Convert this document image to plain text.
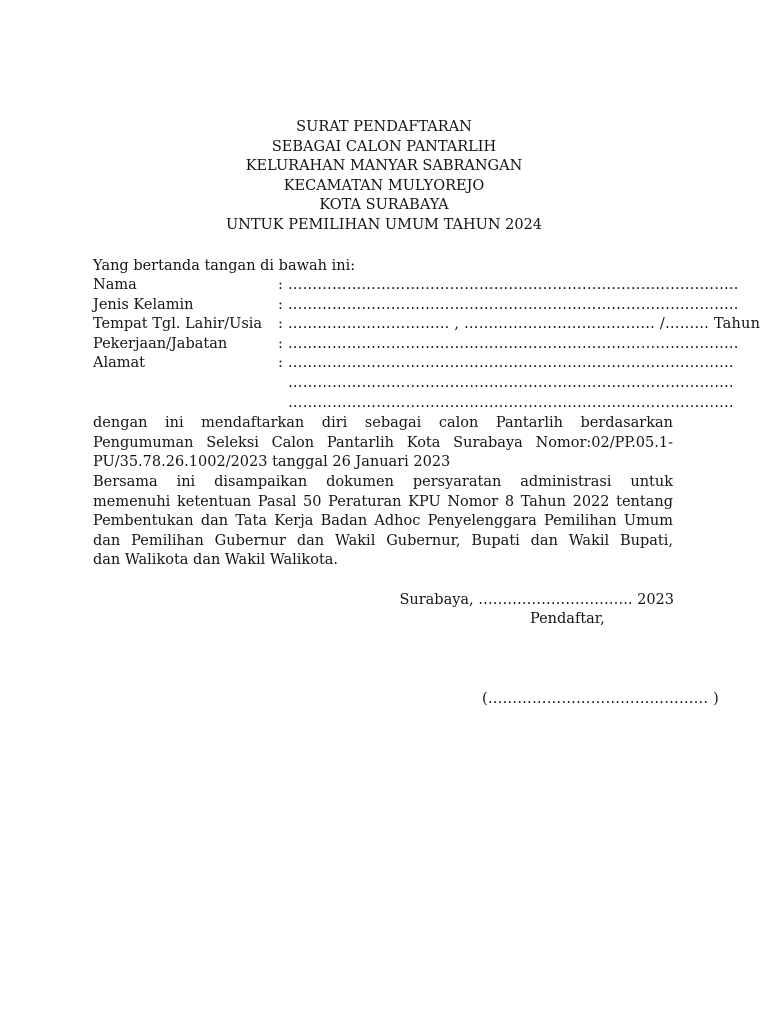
SURAT PENDAFTARAN
SEBAGAI CALON PANTARLIH
KELURAHAN MANYAR SABRANGAN
KECAMATAN MULYOREJO
KOTA SURABAYA
UNTUK PEMILIHAN UMUM TAHUN 2024
Yang bertanda tangan di bawah ini:
Nama	: ………………………………………………………………………………..
Jenis Kelamin	: ………………………………………………………………………………..
Tempat Tgl. Lahir/Usia : …………………………… , ………………………………… /……… Tahun
Pekerjaan/Jabatan	: ………………………………………………………………………………..
Alamat	: ……………………………………………………………………………….
……………………………………………………………………………….
……………………………………………………………………………….
dengan ini mendaftarkan diri sebagai calon Pantarlih berdasarkan
Pengumuman Seleksi Calon Pantarlih Kota Surabaya Nomor:02/PP.05.1-
PU/35.78.26.1002/2023 tanggal 26 Januari 2023
Bersama ini disampaikan dokumen persyaratan administrasi untuk
memenuhi ketentuan Pasal 50 Peraturan KPU Nomor 8 Tahun 2022 tentang
Pembentukan dan Tata Kerja Badan Adhoc Penyelenggara Pemilihan Umum
dan Pemilihan Gubernur dan Wakil Gubernur, Bupati dan Wakil Bupati,
dan Walikota dan Wakil Walikota.
Surabaya, ………………………….. 2023
Pendaftar,
(……………………………………… )
